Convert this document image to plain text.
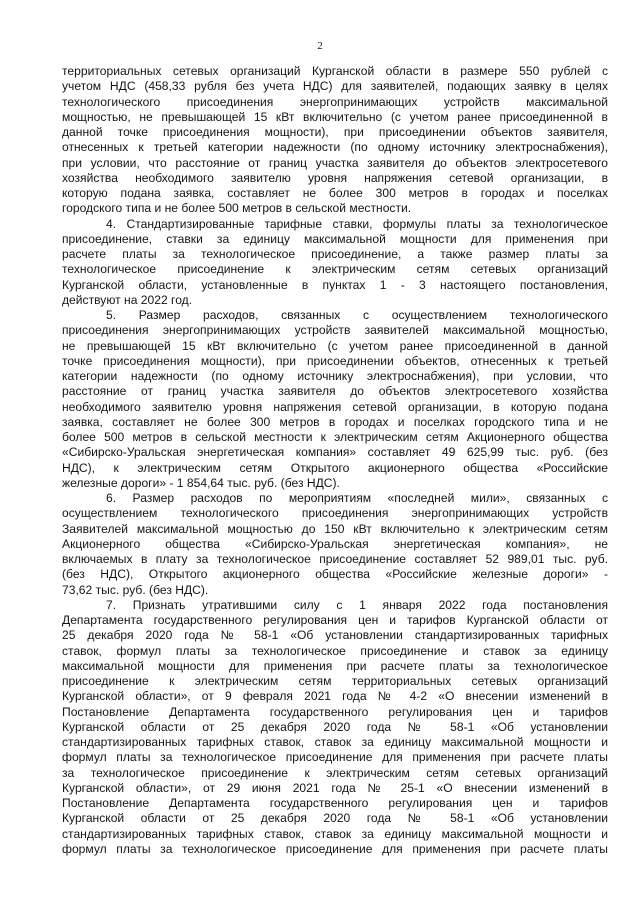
2
территориальных сетевых организаций Курганской области в размере 550 рублей с
учетом НДС (458,33 рубля без учета НДС) для заявителей, подающих заявку в целях
технологического присоединения энергопринимающих устройств максимальной
мощностью, не превышающей 15 кВт включительно (с учетом ранее присоединенной в
данной точке присоединения мощности), при присоединении объектов заявителя,
отнесенных к третьей категории надежности (по одному источнику электроснабжения),
при условии, что расстояние от границ участка заявителя до объектов электросетевого
хозяйства необходимого заявителю уровня напряжения сетевой организации, в
которую подана заявка, составляет не более 300 метров в городах и поселках
городского типа и не более 500 метров в сельской местности.
4. Стандартизированные тарифные ставки, формулы платы за технологическое
присоединение, ставки за единицу максимальной мощности для применения при
расчете платы за технологическое присоединение, а также размер платы за
технологическое присоединение к электрическим сетям сетевых организаций
Курганской области, установленные в пунктах 1 - 3 настоящего постановления,
действуют на 2022 год.
5. Размер расходов, связанных с осуществлением технологического
присоединения энергопринимающих устройств заявителей максимальной мощностью,
не превышающей 15 кВт включительно (с учетом ранее присоединенной в данной
точке присоединения мощности), при присоединении объектов, отнесенных к третьей
категории надежности (по одному источнику электроснабжения), при условии, что
расстояние от границ участка заявителя до объектов электросетевого хозяйства
необходимого заявителю уровня напряжения сетевой организации, в которую подана
заявка, составляет не более 300 метров в городах и поселках городского типа и не
более 500 метров в сельской местности к электрическим сетям Акционерного общества
«Сибирско-Уральская энергетическая компания» составляет 49 625,99 тыс. руб. (без
НДС), к электрическим сетям Открытого акционерного общества «Российские
железные дороги» - 1 854,64 тыс. руб. (без НДС).
6. Размер расходов по мероприятиям «последней мили», связанных с
осуществлением технологического присоединения энергопринимающих устройств
Заявителей максимальной мощностью до 150 кВт включительно к электрическим сетям
Акционерного общества «Сибирско-Уральская энергетическая компания», не
включаемых в плату за технологическое присоединение составляет 52 989,01 тыс. руб.
(без НДС), Открытого акционерного общества «Российские железные дороги» -
73,62 тыс. руб. (без НДС).
7. Признать утратившими силу с 1 января 2022 года постановления
Департамента государственного регулирования цен и тарифов Курганской области от
25 декабря 2020 года № 58-1 «Об установлении стандартизированных тарифных
ставок, формул платы за технологическое присоединение и ставок за единицу
максимальной мощности для применения при расчете платы за технологическое
присоединение к электрическим сетям территориальных сетевых организаций
Курганской области», от 9 февраля 2021 года № 4-2 «О внесении изменений в
Постановление Департамента государственного регулирования цен и тарифов
Курганской области от 25 декабря 2020 года № 58-1 «Об установлении
стандартизированных тарифных ставок, ставок за единицу максимальной мощности и
формул платы за технологическое присоединение для применения при расчете платы
за технологическое присоединение к электрическим сетям сетевых организаций
Курганской области», от 29 июня 2021 года № 25-1 «О внесении изменений в
Постановление Департамента государственного регулирования цен и тарифов
Курганской области от 25 декабря 2020 года № 58-1 «Об установлении
стандартизированных тарифных ставок, ставок за единицу максимальной мощности и
формул платы за технологическое присоединение для применения при расчете платы
